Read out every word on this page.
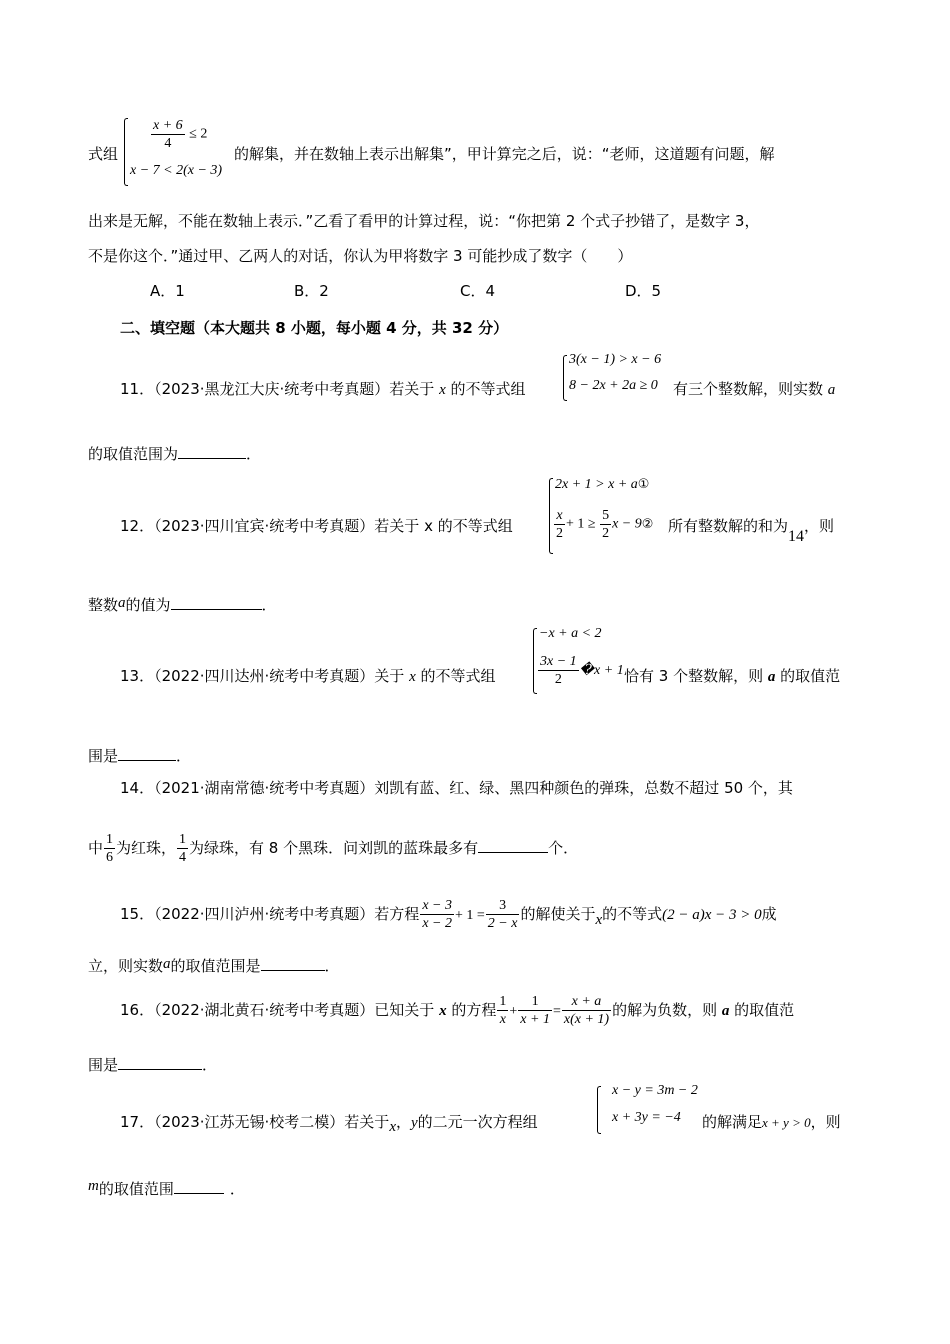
式组
$\frac{x + 6}{4} \le 2$
x − 7 < 2(x − 3)
的解集，并在数轴上表示出解集”，甲计算完之后，说：“老师，这道题有问题，解
出来是无解，不能在数轴上表示．”乙看了看甲的计算过程，说：“你把第 2 个式子抄错了，是数字 3，
不是你这个．”通过甲、乙两人的对话，你认为甲将数字 3 可能抄成了数字（　　）
A．1	B．2	C．4	D．5
二、填空题（本大题共 8 小题，每小题 4 分，共 32 分）
11．（2023·黑龙江大庆·统考中考真题）若关于 x 的不等式组
3(x − 1) > x − 6
8 − 2x + 2a ≥ 0 有三个整数解，则实数 a
的取值范围为	．
12．（2023·四川宜宾·统考中考真题）若关于 x 的不等式组
2x + 1 > x + a①
$\frac{x}{2} + 1 \ge \frac{5}{2}$ x − 9② 所有整数解的和为14，则
整数a的值为	．
13．（2022·四川达州·统考中考真题）关于 x 的不等式组
−x + a < 2
$\frac{3x - 1}{2}$ �x + 1 恰有 3 个整数解，则 a 的取值范
围是	．
14．（2021·湖南常德·统考中考真题）刘凯有蓝、红、绿、黑四种颜色的弹珠，总数不超过 50 个，其
中 $\frac{1}{6}$ 为红珠， $\frac{1}{4}$ 为绿珠，有 8 个黑珠．问刘凯的蓝珠最多有	个．
15．（2022·四川泸州·统考中考真题）若方程 $\frac{x - 3}{x - 2} + 1 = \frac{3}{2 - x}$ 的解使关于x的不等式(2 − a)x − 3 > 0成
立，则实数a的取值范围是	．
16．（2022·湖北黄石·统考中考真题）已知关于 x 的方程 $\frac{1}{x} + \frac{1}{x + 1} = \frac{x + a}{x(x + 1)}$ 的解为负数，则 a 的取值范
围是	．
17．（2023·江苏无锡·校考二模）若关于x，y的二元一次方程组
x − y = 3m − 2
x + 3y = −4 的解满足x + y > 0，则
m的取值范围	．
